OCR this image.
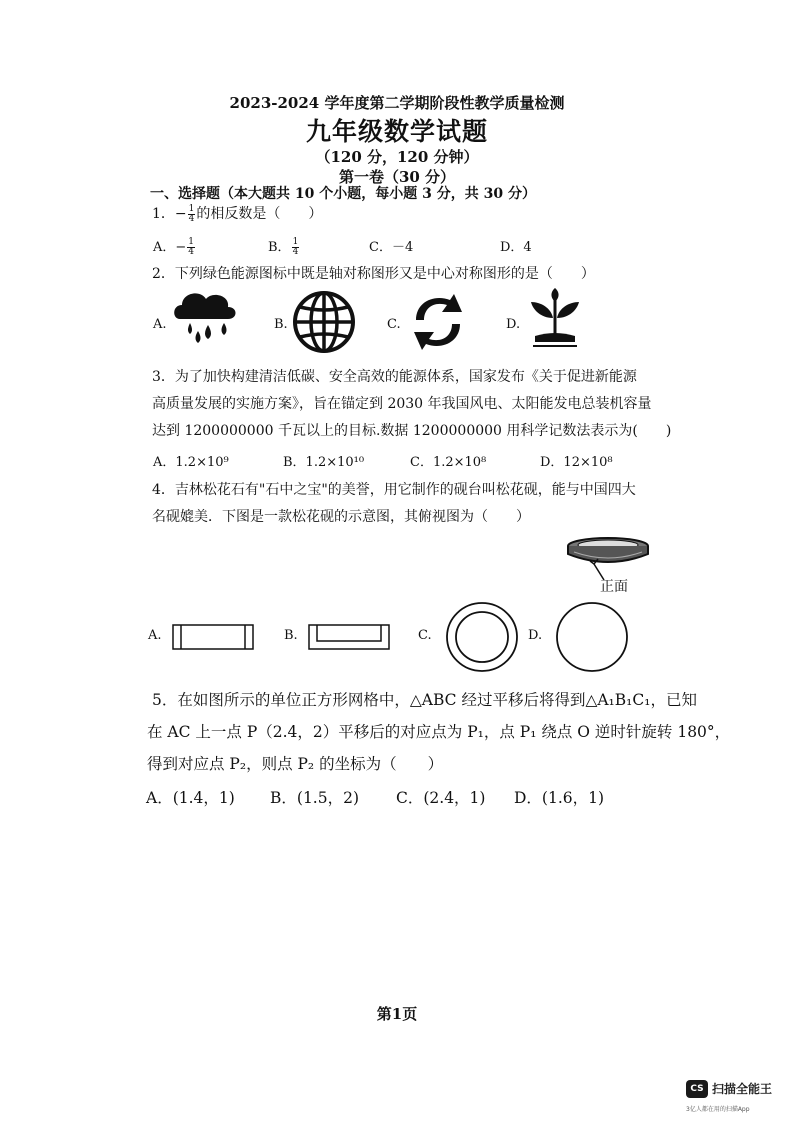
2023-2024 学年度第二学期阶段性教学质量检测
九年级数学试题
（120 分，120 分钟）
第一卷（30 分）
一、选择题（本大题共 10 个小题，每小题 3 分，共 30 分）
1．− $\frac{1}{4}$ 的相反数是（　　）
A．− $\frac{1}{4}$	B． $\frac{1}{4}$	C．－4	D．4
2．下列绿色能源图标中既是轴对称图形又是中心对称图形的是（　　）
A.	B.	C.	D.
3．为了加快构建清洁低碳、安全高效的能源体系，国家发布《关于促进新能源
高质量发展的实施方案》，旨在锚定到 2030 年我国风电、太阳能发电总装机容量
达到 1200000000 千瓦以上的目标.数据 1200000000 用科学记数法表示为(　　)
A．1.2×10⁹	B．1.2×10¹⁰	C．1.2×10⁸	D．12×10⁸
4．吉林松花石有"石中之宝"的美誉，用它制作的砚台叫松花砚，能与中国四大
名砚媲美．下图是一款松花砚的示意图，其俯视图为（　　）
正面
A.	B.	C.	D.
5．在如图所示的单位正方形网格中，△ABC 经过平移后将得到△A₁B₁C₁，已知
在 AC 上一点 P（2.4，2）平移后的对应点为 P₁，点 P₁ 绕点 O 逆时针旋转 180°，
得到对应点 P₂，则点 P₂ 的坐标为（　　）
A．(1.4，1) B．(1.5，2) C．(2.4，1) D．(1.6，1)
第1页
CS 扫描全能王
3亿人都在用的扫描App
